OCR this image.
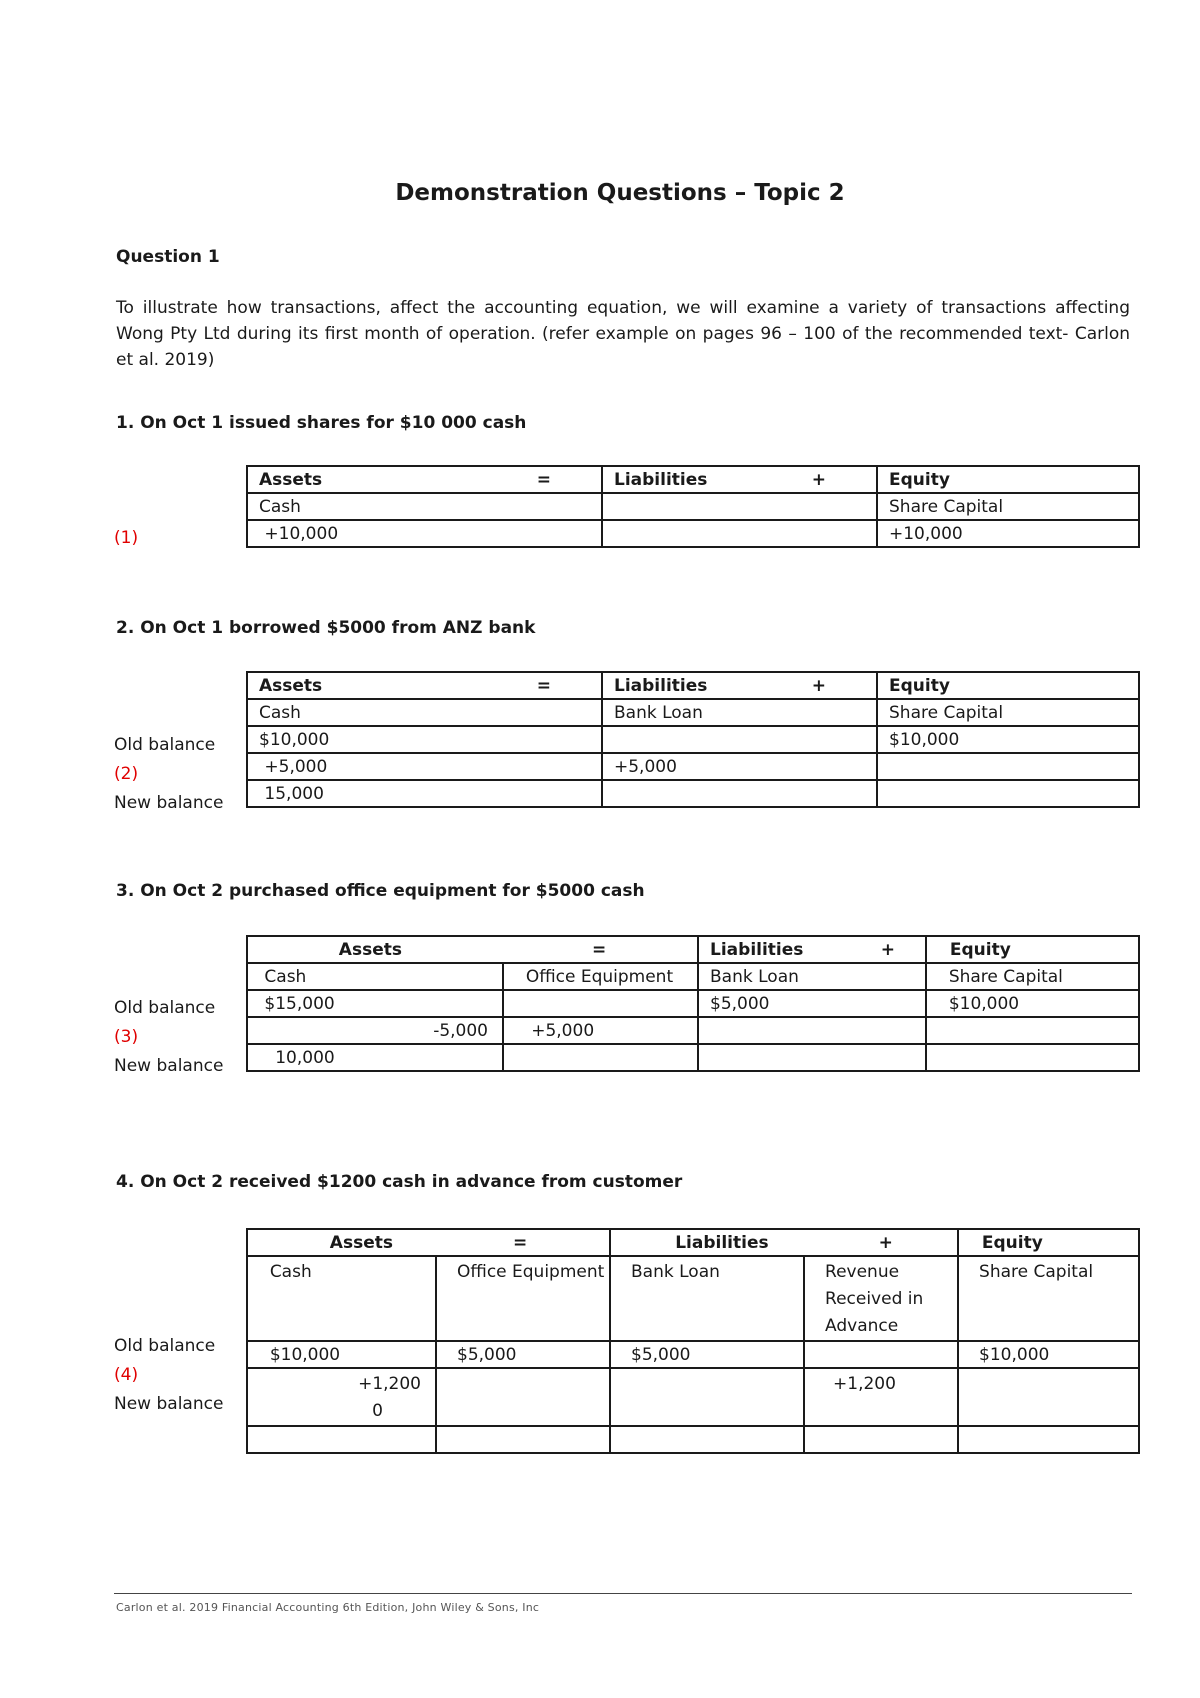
Demonstration Questions – Topic 2
Question 1
To illustrate how transactions, affect the accounting equation, we will examine a variety of transactions affecting Wong Pty Ltd during its first month of operation. (refer example on pages 96 – 100 of the recommended text- Carlon et al. 2019)
1. On Oct 1 issued shares for $10 000 cash
Assets =	Liabilities +	Equity
Cash		Share Capital
+10,000		+10,000
(1)
2. On Oct 1 borrowed $5000 from ANZ bank
Assets =	Liabilities +	Equity
Cash	Bank Loan	Share Capital
$10,000		$10,000
+5,000	+5,000	
15,000		
Old balance
(2)
New balance
3. On Oct 2 purchased office equipment for $5000 cash
Assets =		Liabilities +	Equity
Cash	Office Equipment	Bank Loan	Share Capital
$15,000		$5,000	$10,000
-5,000	+5,000		
10,000			
Old balance
(3)
New balance
4. On Oct 2 received $1200 cash in advance from customer
Assets =		Liabilities +		Equity
Cash	Office Equipment	Bank Loan	Revenue Received in Advance	Share Capital
$10,000	$5,000	$5,000		$10,000

+1,200
0			+1,200	

Old balance
(4)
New balance
Carlon et al. 2019 Financial Accounting 6th Edition, John Wiley & Sons, Inc
